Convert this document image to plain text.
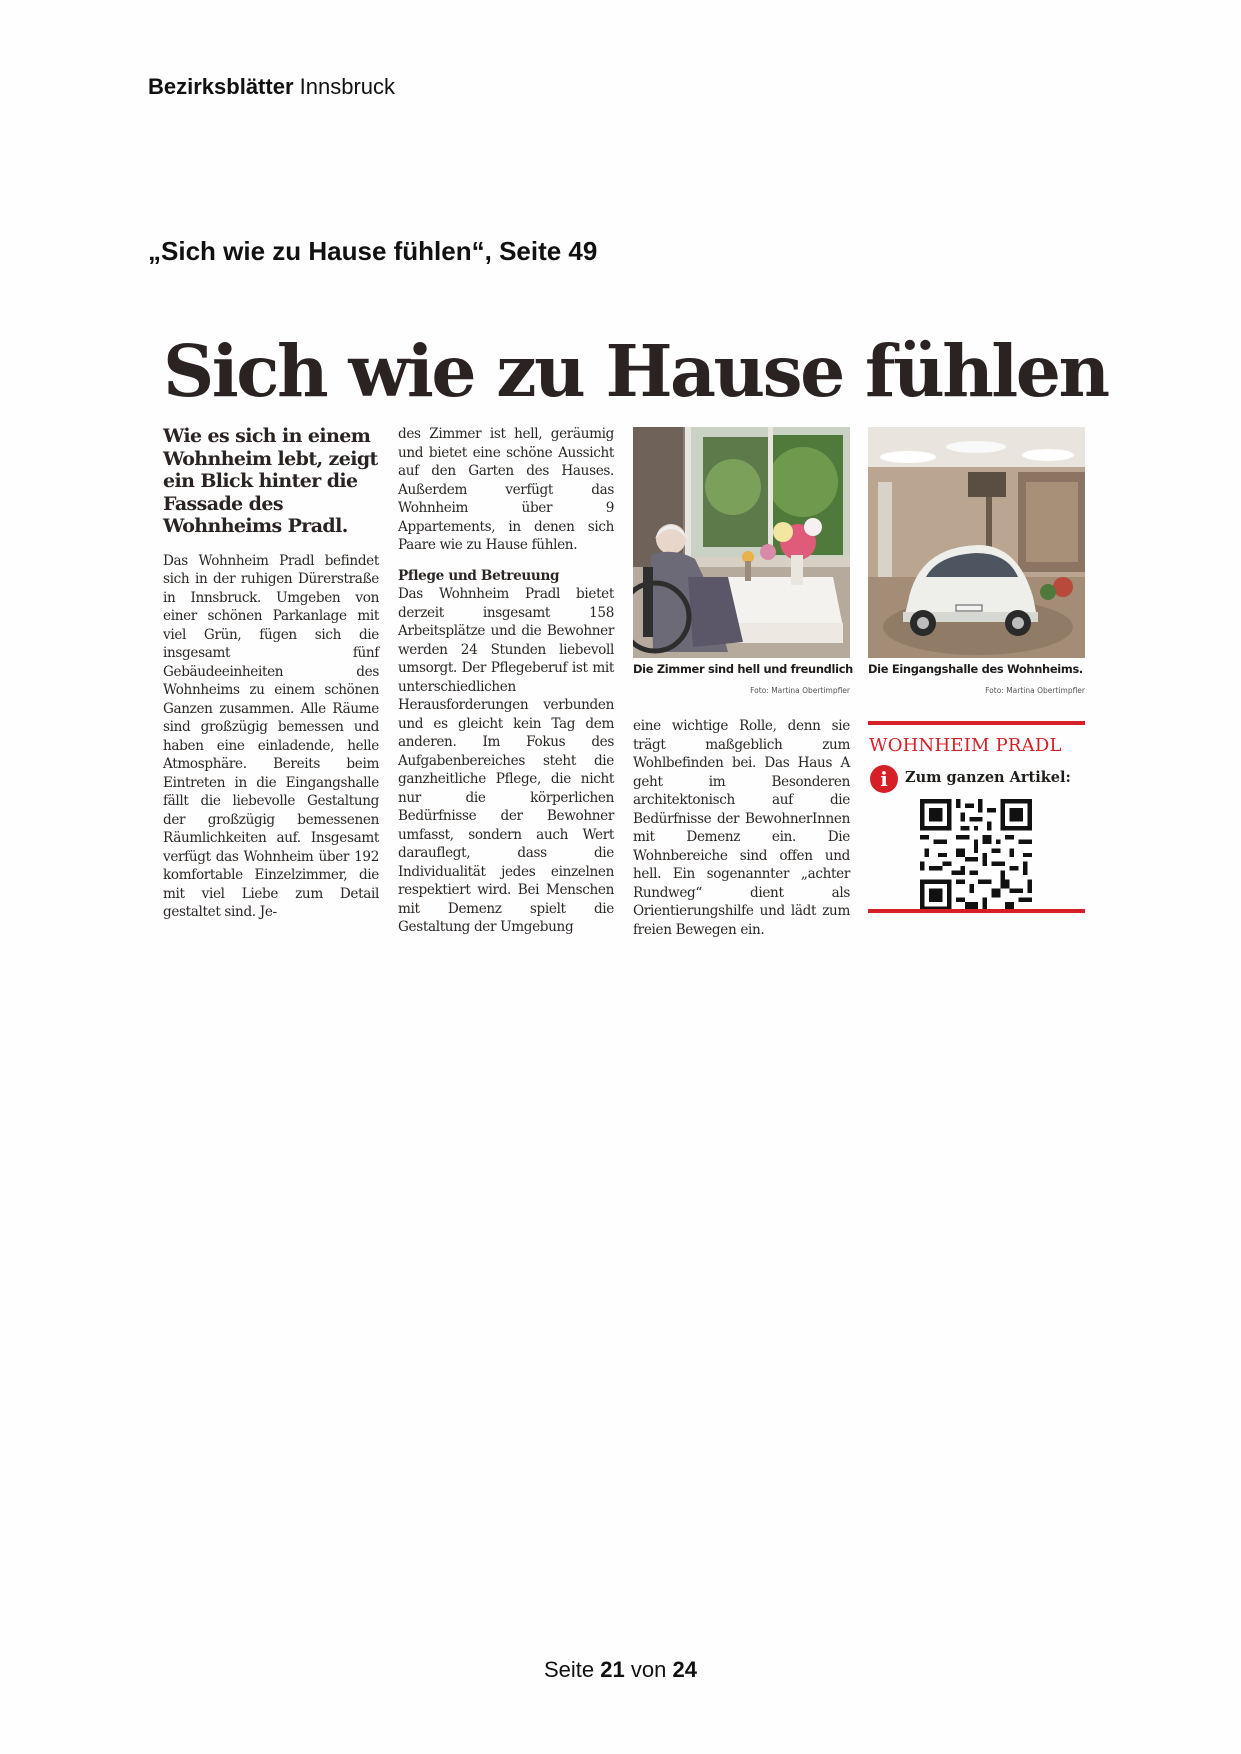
Bezirksblätter Innsbruck
„Sich wie zu Hause fühlen“, Seite 49
Sich wie zu Hause fühlen

Wie es sich in einem Wohnheim lebt, zeigt ein Blick hinter die Fassade des Wohnheims Pradl.

Das Wohnheim Pradl befindet sich in der ruhigen Dürerstraße in Innsbruck. Umgeben von einer schönen Parkanlage mit viel Grün, fügen sich die insgesamt fünf Gebäudeeinheiten des Wohnheims zu einem schönen Ganzen zusammen. Alle Räume sind großzügig bemessen und haben eine einladende, helle Atmosphäre. Bereits beim Eintreten in die Eingangshalle fällt die liebevolle Gestaltung der großzügig bemessenen Räumlichkeiten auf. Insgesamt verfügt das Wohnheim über 192 komfortable Einzelzimmer, die mit viel Liebe zum Detail gestaltet sind. Je-

des Zimmer ist hell, geräumig und bietet eine schöne Aussicht auf den Garten des Hauses. Außerdem verfügt das Wohnheim über 9 Appartements, in denen sich Paare wie zu Hause fühlen.

Pflege und Betreuung

Das Wohnheim Pradl bietet derzeit insgesamt 158 Arbeitsplätze und die Bewohner werden 24 Stunden liebevoll umsorgt. Der Pflegeberuf ist mit unterschiedlichen Herausforderungen verbunden und es gleicht kein Tag dem anderen. Im Fokus des Aufgabenbereiches steht die ganzheitliche Pflege, die nicht nur die körperlichen Bedürfnisse der Bewohner umfasst, sondern auch Wert darauflegt, dass die Individualität jedes einzelnen respektiert wird. Bei Menschen mit Demenz spielt die Gestaltung der Umgebung

Die Zimmer sind hell und freundlich
Foto: Martina Obertimpfler
Die Eingangshalle des Wohnheims.
Foto: Martina Obertimpfler

eine wichtige Rolle, denn sie trägt maßgeblich zum Wohlbefinden bei. Das Haus A geht im Besonderen architektonisch auf die Bedürfnisse der BewohnerInnen mit Demenz ein. Die Wohnbereiche sind offen und hell. Ein sogenannter „achter Rundweg“ dient als Orientierungshilfe und lädt zum freien Bewegen ein.

WOHNHEIM PRADL
i	Zum ganzen Artikel:
Seite 21 von 24
